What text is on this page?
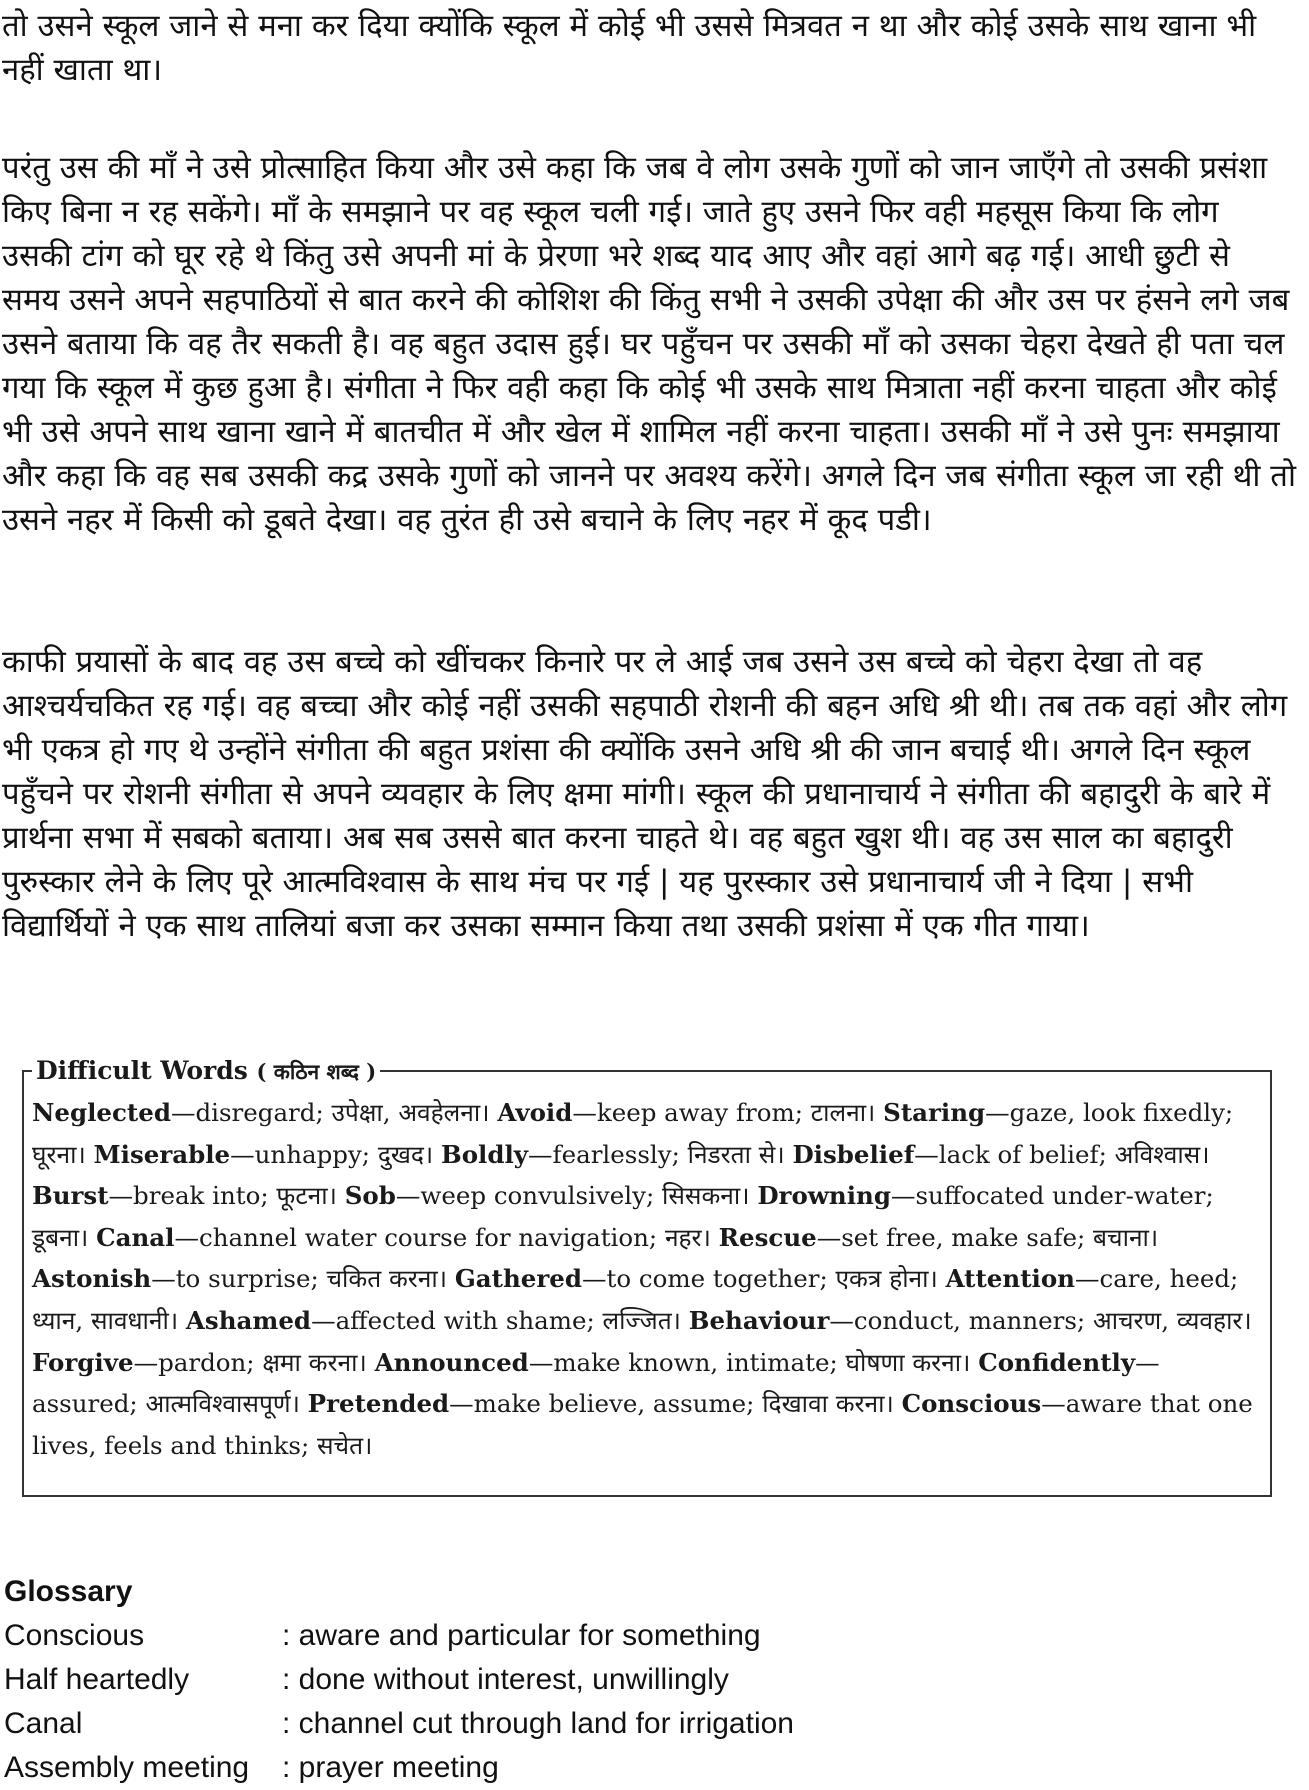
तो उसने स्कूल जाने से मना कर दिया क्योंकि स्कूल में कोई भी उससे मित्रवत न था और कोई उसके साथ खाना भी नहीं खाता था।

परंतु उस की माँ ने उसे प्रोत्साहित किया और उसे कहा कि जब वे लोग उसके गुणों को जान जाएँगे तो उसकी प्रसंशा किए बिना न रह सकेंगे। माँ के समझाने पर वह स्कूल चली गई। जाते हुए उसने फिर वही महसूस किया कि लोग उसकी टांग को घूर रहे थे किंतु उसे अपनी मां के प्रेरणा भरे शब्द याद आए और वहां आगे बढ़ गई। आधी छुटी से समय उसने अपने सहपाठियों से बात करने की कोशिश की किंतु सभी ने उसकी उपेक्षा की और उस पर हंसने लगे जब उसने बताया कि वह तैर सकती है। वह बहुत उदास हुई। घर पहुँचन पर उसकी माँ को उसका चेहरा देखते ही पता चल गया कि स्कूल में कुछ हुआ है। संगीता ने फिर वही कहा कि कोई भी उसके साथ मित्राता नहीं करना चाहता और कोई भी उसे अपने साथ खाना खाने में बातचीत में और खेल में शामिल नहीं करना चाहता। उसकी माँ ने उसे पुनः समझाया और कहा कि वह सब उसकी कद्र उसके गुणों को जानने पर अवश्य करेंगे। अगले दिन जब संगीता स्कूल जा रही थी तो उसने नहर में किसी को डूबते देखा। वह तुरंत ही उसे बचाने के लिए नहर में कूद पडी।

काफी प्रयासों के बाद वह उस बच्चे को खींचकर किनारे पर ले आई जब उसने उस बच्चे को चेहरा देखा तो वह आश्चर्यचकित रह गई। वह बच्चा और कोई नहीं उसकी सहपाठी रोशनी की बहन अधि श्री थी। तब तक वहां और लोग भी एकत्र हो गए थे उन्होंने संगीता की बहुत प्रशंसा की क्योंकि उसने अधि श्री की जान बचाई थी। अगले दिन स्कूल पहुँचने पर रोशनी संगीता से अपने व्यवहार के लिए क्षमा मांगी। स्कूल की प्रधानाचार्य ने संगीता की बहादुरी के बारे में प्रार्थना सभा में सबको बताया। अब सब उससे बात करना चाहते थे। वह बहुत खुश थी। वह उस साल का बहादुरी पुरुस्कार लेने के लिए पूरे आत्मविश्वास के साथ मंच पर गई | यह पुरस्कार उसे प्रधानाचार्य जी ने दिया | सभी विद्यार्थियों ने एक साथ तालियां बजा कर उसका सम्मान किया तथा उसकी प्रशंसा में एक गीत गाया।

Difficult Words ( कठिन शब्द )
Neglected—disregard; उपेक्षा, अवहेलना। Avoid—keep away from; टालना। Staring—gaze, look fixedly; घूरना। Miserable—unhappy; दुखद। Boldly—fearlessly; निडरता से। Disbelief—lack of belief; अविश्वास। Burst—break into; फूटना। Sob—weep convulsively; सिसकना। Drowning—suffocated under-water; डूबना। Canal—channel water course for navigation; नहर। Rescue—set free, make safe; बचाना। Astonish—to surprise; चकित करना। Gathered—to come together; एकत्र होना। Attention—care, heed; ध्यान, सावधानी। Ashamed—affected with shame; लज्जित। Behaviour—conduct, manners; आचरण, व्यवहार। Forgive—pardon; क्षमा करना। Announced—make known, intimate; घोषणा करना। Confidently—assured; आत्मविश्वासपूर्ण। Pretended—make believe, assume; दिखावा करना। Conscious—aware that one lives, feels and thinks; सचेत।

Glossary

Conscious	: aware and particular for something
Half heartedly	: done without interest, unwillingly
Canal	: channel cut through land for irrigation
Assembly meeting	: prayer meeting
